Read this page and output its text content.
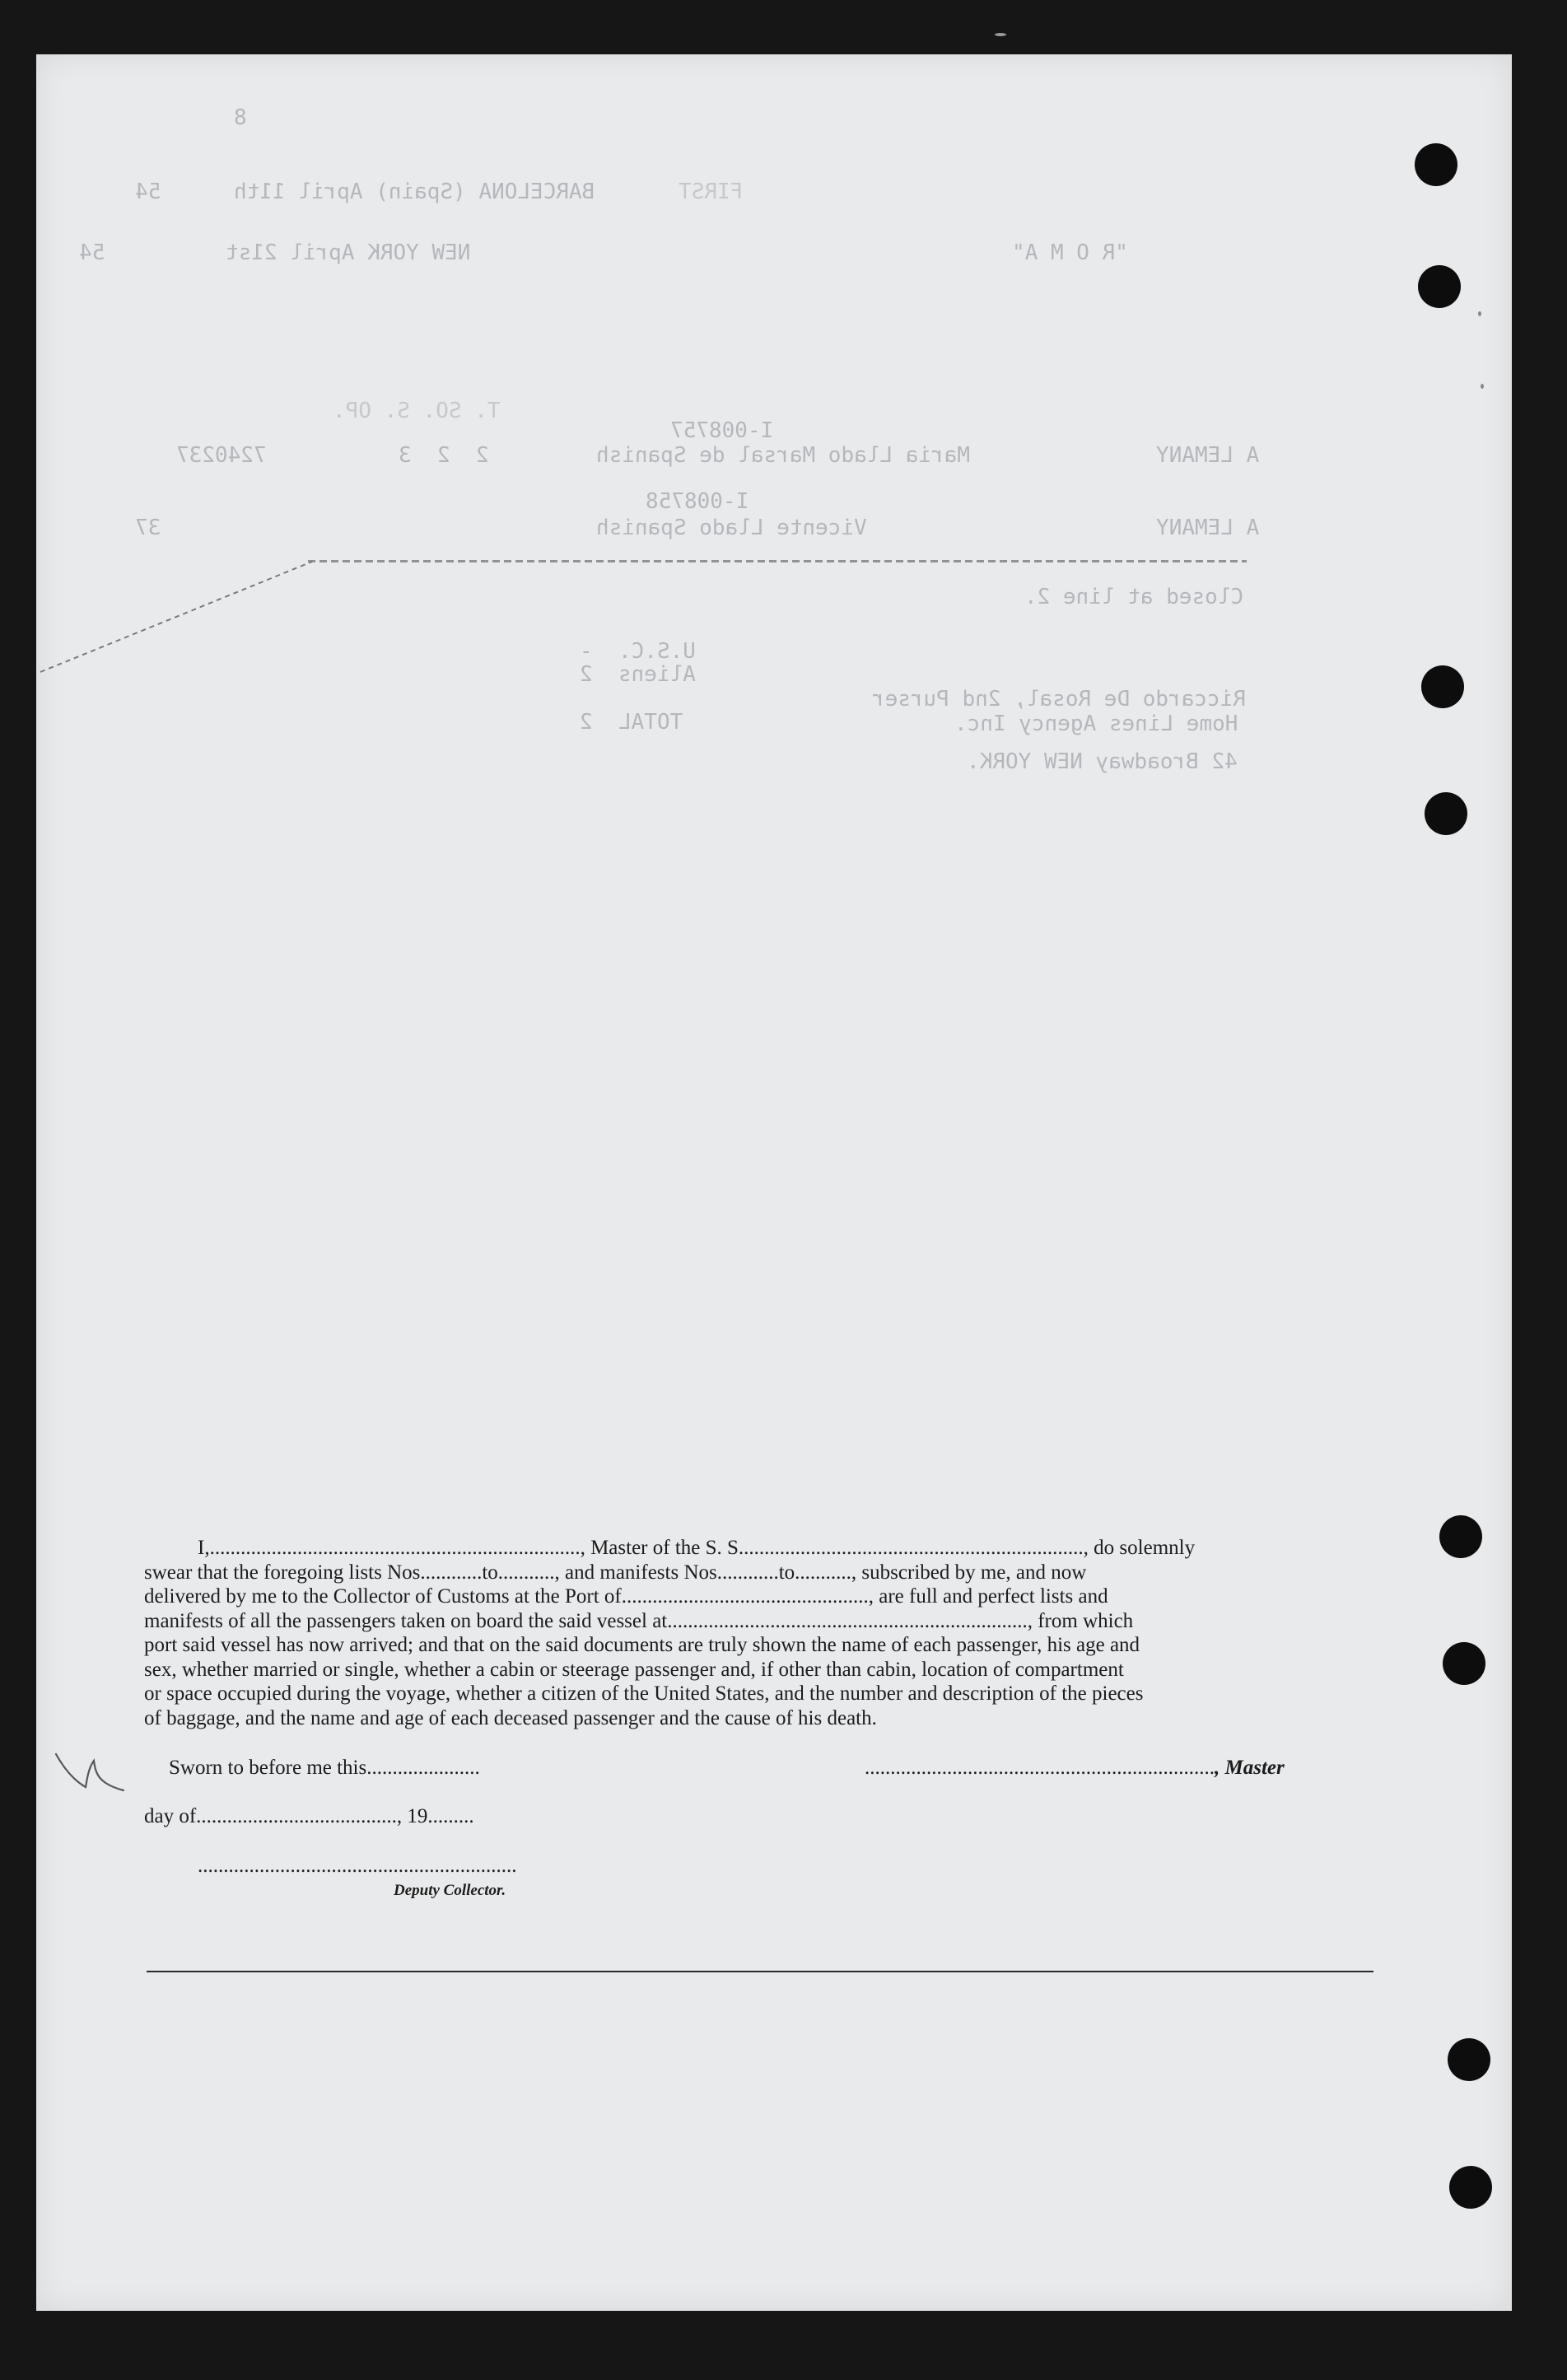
8
FIRST
54	BARCELONA (Spain) April 11th
54	NEW YORK April 21st	"R O M A"
T. SO. S. OP.
I-008757
7240237	2  2  3	Maria Llado Marsal de Spanish	A LEMANY
I-008758
37	Vicente Llado Spanish	A LEMANY
Closed at line 2.
U.S.C.  -
Aliens  2
Riccardo De Rosal, 2nd Purser
TOTAL  2	Home Lines Agency Inc.
42 Broadway NEW YORK.

I,........................................................................, Master of the S. S..................................................................., do solemnly

swear that the foregoing lists Nos............to..........., and manifests Nos............to..........., subscribed by me, and now

delivered by me to the Collector of Customs at the Port of................................................, are full and perfect lists and

manifests of all the passengers taken on board the said vessel at......................................................................, from which

port said vessel has now arrived; and that on the said documents are truly shown the name of each passenger, his age and

sex, whether married or single, whether a cabin or steerage passenger and, if other than cabin, location of compartment

or space occupied during the voyage, whether a citizen of the United States, and the number and description of the pieces

of baggage, and the name and age of each deceased passenger and the cause of his death.

Sworn to before me this......................	...................................................................., Master
day of......................................., 19.........
..............................................................
Deputy Collector.
